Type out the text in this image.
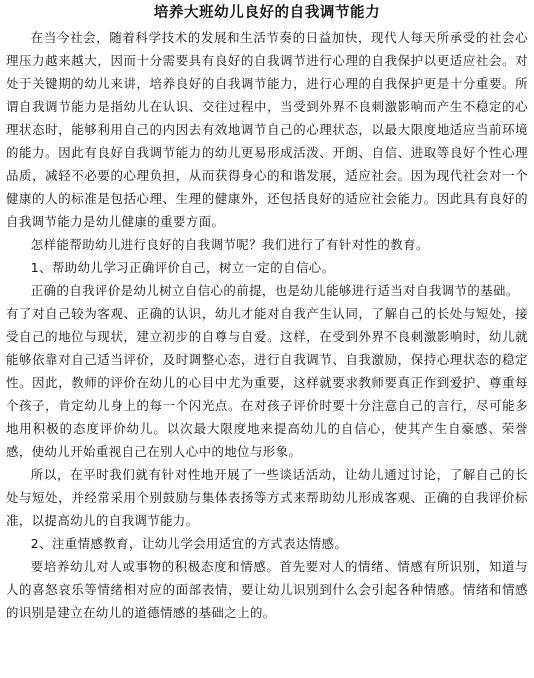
培养大班幼儿良好的自我调节能力

在当今社会，随着科学技术的发展和生活节奏的日益加快，现代人每天所承受的社会心理压力越来越大，因而十分需要具有良好的自我调节进行心理的自我保护以更适应社会。对处于关键期的幼儿来讲，培养良好的自我调节能力，进行心理的自我保护更是十分重要。所谓自我调节能力是指幼儿在认识、交往过程中，当受到外界不良刺激影响而产生不稳定的心理状态时，能够利用自己的内因去有效地调节自己的心理状态，以最大限度地适应当前环境的能力。因此有良好自我调节能力的幼儿更易形成活泼、开朗、自信、进取等良好个性心理品质，减轻不必要的心理负担，从而获得身心的和谐发展，适应社会。因为现代社会对一个健康的人的标准是包括心理、生理的健康外，还包括良好的适应社会能力。因此具有良好的自我调节能力是幼儿健康的重要方面。

怎样能帮助幼儿进行良好的自我调节呢？我们进行了有针对性的教育。

1、帮助幼儿学习正确评价自己，树立一定的自信心。

正确的自我评价是幼儿树立自信心的前提，也是幼儿能够进行适当对自我调节的基础。

有了对自己较为客观、正确的认识，幼儿才能对自我产生认同，了解自己的长处与短处，接受自己的地位与现状，建立初步的自尊与自爱。这样，在受到外界不良刺激影响时，幼儿就能够依靠对自己适当评价，及时调整心态，进行自我调节、自我激励，保持心理状态的稳定性。因此，教师的评价在幼儿的心目中尤为重要，这样就要求教师要真正作到爱护、尊重每个孩子，肯定幼儿身上的每一个闪光点。在对孩子评价时要十分注意自己的言行，尽可能多地用积极的态度评价幼儿。以次最大限度地来提高幼儿的自信心，使其产生自豪感、荣誉感，使幼儿开始重视自己在别人心中的地位与形象。

所以，在平时我们就有针对性地开展了一些谈话活动，让幼儿通过讨论，了解自己的长处与短处，并经常采用个别鼓励与集体表扬等方式来帮助幼儿形成客观、正确的自我评价标准，以提高幼儿的自我调节能力。

2、注重情感教育，让幼儿学会用适宜的方式表达情感。

要培养幼儿对人或事物的积极态度和情感。首先要对人的情绪、情感有所识别，知道与人的喜怒哀乐等情绪相对应的面部表情，要让幼儿识别到什么会引起各种情感。情绪和情感的识别是建立在幼儿的道德情感的基础之上的。
